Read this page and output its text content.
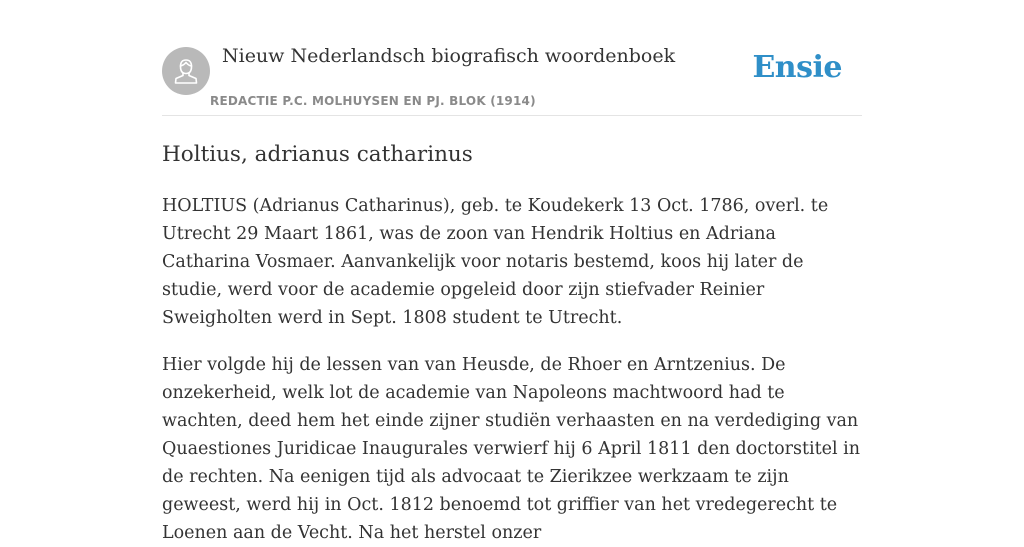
Nieuw Nederlandsch biografisch woordenboek
REDACTIE P.C. MOLHUYSEN EN PJ. BLOK (1914)
Ensie
Holtius, adrianus catharinus

HOLTIUS (Adrianus Catharinus), geb. te Koudekerk 13 Oct. 1786, overl. te Utrecht 29 Maart 1861, was de zoon van Hendrik Holtius en Adriana Catharina Vosmaer. Aanvankelijk voor notaris bestemd, koos hij later de studie, werd voor de academie opgeleid door zijn stiefvader Reinier Sweigholten werd in Sept. 1808 student te Utrecht.

Hier volgde hij de lessen van van Heusde, de Rhoer en Arntzenius. De onzekerheid, welk lot de academie van Napoleons machtwoord had te wachten, deed hem het einde zijner studiën verhaasten en na verdediging van Quaestiones Juridicae Inaugurales verwierf hij 6 April 1811 den doctorstitel in de rechten. Na eenigen tijd als advocaat te Zierikzee werkzaam te zijn geweest, werd hij in Oct. 1812 benoemd tot griffier van het vredegerecht te Loenen aan de Vecht. Na het herstel onzer
